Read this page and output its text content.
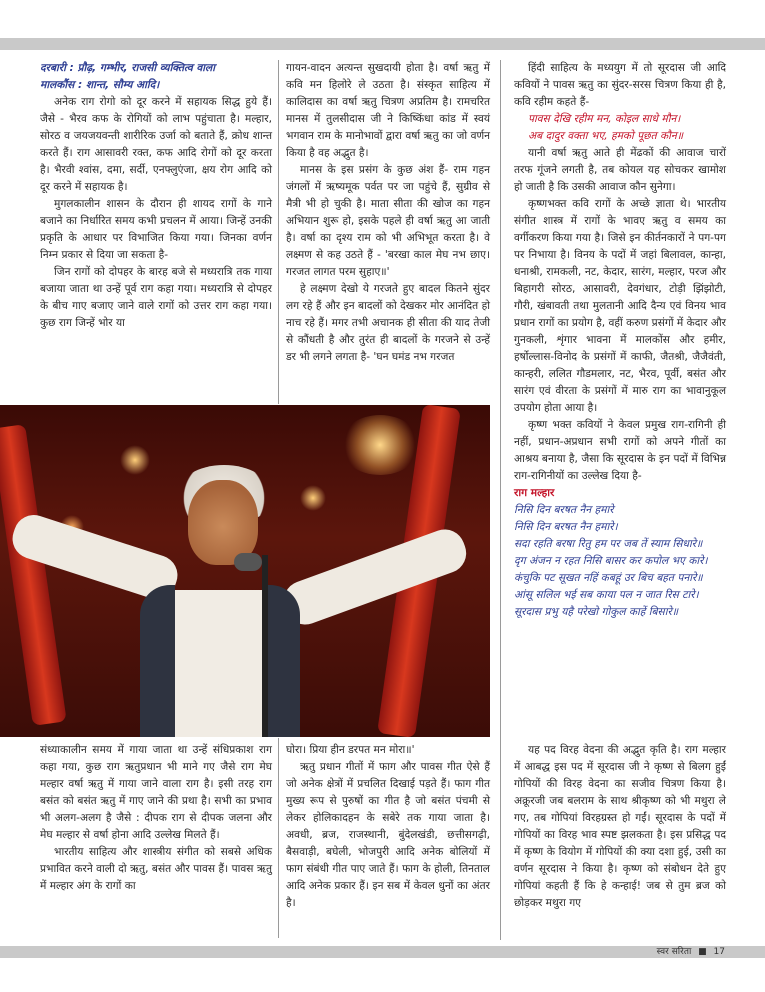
दरबारी : प्रौढ़, गम्भीर, राजसी व्यक्तित्व वाला

मालकौंस : शान्त, सौम्य आदि।

अनेक राग रोगो को दूर करने में सहायक सिद्ध हुये हैं। जैसे - भैरव कफ के रोगियों को लाभ पहुंचाता है। मल्हार, सोरठ व जयजयवन्ती शारीरिक उर्जा को बताते हैं, क्रोध शान्त करते हैं। राग आसावरी रक्त, कफ आदि रोगों को दूर करता है। भैरवी श्वांस, दमा, सर्दी, एनफ्लुएंजा, क्षय रोग आदि को दूर करने में सहायक है।

मुगलकालीन शासन के दौरान ही शायद रागों के गाने बजाने का निर्धारित समय कभी प्रचलन में आया। जिन्हें उनकी प्रकृति के आधार पर विभाजित किया गया। जिनका वर्णन निम्न प्रकार से दिया जा सकता है-

जिन रागों को दोपहर के बारह बजे से मध्यरात्रि तक गाया बजाया जाता था उन्हें पूर्व राग कहा गया। मध्यरात्रि से दोपहर के बीच गाए बजाए जाने वाले रागों को उत्तर राग कहा गया। कुछ राग जिन्हें भोर या

गायन-वादन अत्यन्त सुखदायी होता है। वर्षा ऋतु में कवि मन हिलोरे ले उठता है। संस्कृत साहित्य में कालिदास का वर्षा ऋतु चित्रण अप्रतिम है। रामचरित मानस में तुलसीदास जी ने किष्किंधा कांड में स्वयं भगवान राम के मानोभावों द्वारा वर्षा ऋतु का जो वर्णन किया है वह अद्भुत है।

मानस के इस प्रसंग के कुछ अंश हैं- राम गहन जंगलों में ऋष्यमूक पर्वत पर जा पहुंचे हैं, सुग्रीव से मैत्री भी हो चुकी है। माता सीता की खोज का गहन अभियान शुरू हो, इसके पहले ही वर्षा ऋतु आ जाती है। वर्षा का दृश्य राम को भी अभिभूत करता है। वे लक्ष्मण से कह उठते हैं - 'बरखा काल मेघ नभ छाए। गरजत लागत परम सुहाए॥'

हे लक्ष्मण देखो ये गरजते हुए बादल कितने सुंदर लग रहे हैं और इन बादलों को देखकर मोर आनंदित हो नाच रहे हैं। मगर तभी अचानक ही सीता की याद तेजी से कौंधती है और तुरंत ही बादलों के गरजने से उन्हें डर भी लगने लगता है- 'घन घमंड नभ गरजत

हिंदी साहित्य के मध्ययुग में तो सूरदास जी आदि कवियों ने पावस ऋतु का सुंदर-सरस चित्रण किया ही है, कवि रहीम कहते हैं-

पावस देखि रहीम मन, कोइल साधे मौन।

अब दादुर वक्ता भए, हमको पूछत कौन॥

यानी वर्षा ऋतु आते ही मेंढकों की आवाज चारों तरफ गूंजने लगती है, तब कोयल यह सोचकर खामोश हो जाती है कि उसकी आवाज कौन सुनेगा।

कृष्णभक्त कवि रागों के अच्छे ज्ञाता थे। भारतीय संगीत शास्त्र में रागों के भावए ऋतु व समय का वर्गीकरण किया गया है। जिसे इन कीर्तनकारों ने पग-पग पर निभाया है। विनय के पदों में जहां बिलावल, कान्हा, धनाश्री, रामकली, नट, केदार, सारंग, मल्हार, परज और बिहागरी सोरठ, आसावरी, देवगंधार, टोड़ी झिंझोटी, गौरी, खंबावती तथा मुलतानी आदि दैन्य एवं विनय भाव प्रधान रागों का प्रयोग है, वहीं करुण प्रसंगों में केदार और गुनकली, शृंगार भावना में मालकोंस और हमीर, हर्षोल्लास-विनोद के प्रसंगों में काफी, जैतश्री, जैजैवंती, कान्हरी, ललित गौडमलार, नट, भैरव, पूर्वी, बसंत और सारंग एवं वीरता के प्रसंगों में मारु राग का भावानुकूल उपयोग होता आया है।

कृष्ण भक्त कवियों ने केवल प्रमुख राग-रागिनी ही नहीं, प्रधान-अप्रधान सभी रागों को अपने गीतों का आश्रय बनाया है, जैसा कि सूरदास के इन पदों में विभिन्न राग-रागिनीयों का उल्लेख दिया है-

राग मल्हार

निसि दिन बरषत नैन हमारे

निसि दिन बरषत नैन हमारे।

सदा रहति बरषा रितु हम पर जब तें स्याम सिधारे॥

दृग अंजन न रहत निसि बासर कर कपोल भए कारे।

कंचुकि पट सूखत नहिं कबहूं उर बिच बहत पनारे॥

आंसू सलिल भई सब काया पल न जात रिस टारे।

सूरदास प्रभु यहै परेखो गोकुल काहें बिसारे॥

संध्याकालीन समय में गाया जाता था उन्हें संधिप्रकाश राग कहा गया, कुछ राग ऋतुप्रधान भी माने गए जैसे राग मेघ मल्हार वर्षा ऋतु में गाया जाने वाला राग है। इसी तरह राग बसंत को बसंत ऋतु में गाए जाने की प्रथा है। सभी का प्रभाव भी अलग-अलग है जैसे : दीपक राग से दीपक जलना और मेघ मल्हार से वर्षा होना आदि उल्लेख मिलते हैं।

भारतीय साहित्य और शास्त्रीय संगीत को सबसे अधिक प्रभावित करने वाली दो ऋतु, बसंत और पावस हैं। पावस ऋतु में मल्हार अंग के रागों का

घोरा। प्रिया हीन डरपत मन मोरा॥'

ऋतु प्रधान गीतों में फाग और पावस गीत ऐसे हैं जो अनेक क्षेत्रों में प्रचलित दिखाई पड़ते हैं। फाग गीत मुख्य रूप से पुरुषों का गीत है जो बसंत पंचमी से लेकर होलिकादहन के सबेरे तक गाया जाता है। अवधी, ब्रज, राजस्थानी, बुंदेलखंडी, छत्तीसगढ़ी, बैसवाड़ी, बघेली, भोजपुरी आदि अनेक बोलियों में फाग संबंधी गीत पाए जाते हैं। फाग के होली, तिनताल आदि अनेक प्रकार हैं। इन सब में केवल धुनों का अंतर है।

यह पद विरह वेदना की अद्भुत कृति है। राग मल्हार में आबद्ध इस पद में सूरदास जी ने कृष्ण से बिलग हुईं गोपियों की विरह वेदना का सजीव चित्रण किया है। अक्रूरजी जब बलराम के साथ श्रीकृष्ण को भी मथुरा ले गए, तब गोपियां विरहग्रस्त हो गईं। सूरदास के पदों में गोपियों का विरह भाव स्पष्ट झलकता है। इस प्रसिद्ध पद में कृष्ण के वियोग में गोपियों की क्या दशा हुई, उसी का वर्णन सूरदास ने किया है। कृष्ण को संबोधन देते हुए गोपियां कहती हैं कि हे कन्हाई! जब से तुम ब्रज को छोड़कर मथुरा गए

स्वर सरिता ■ 17
